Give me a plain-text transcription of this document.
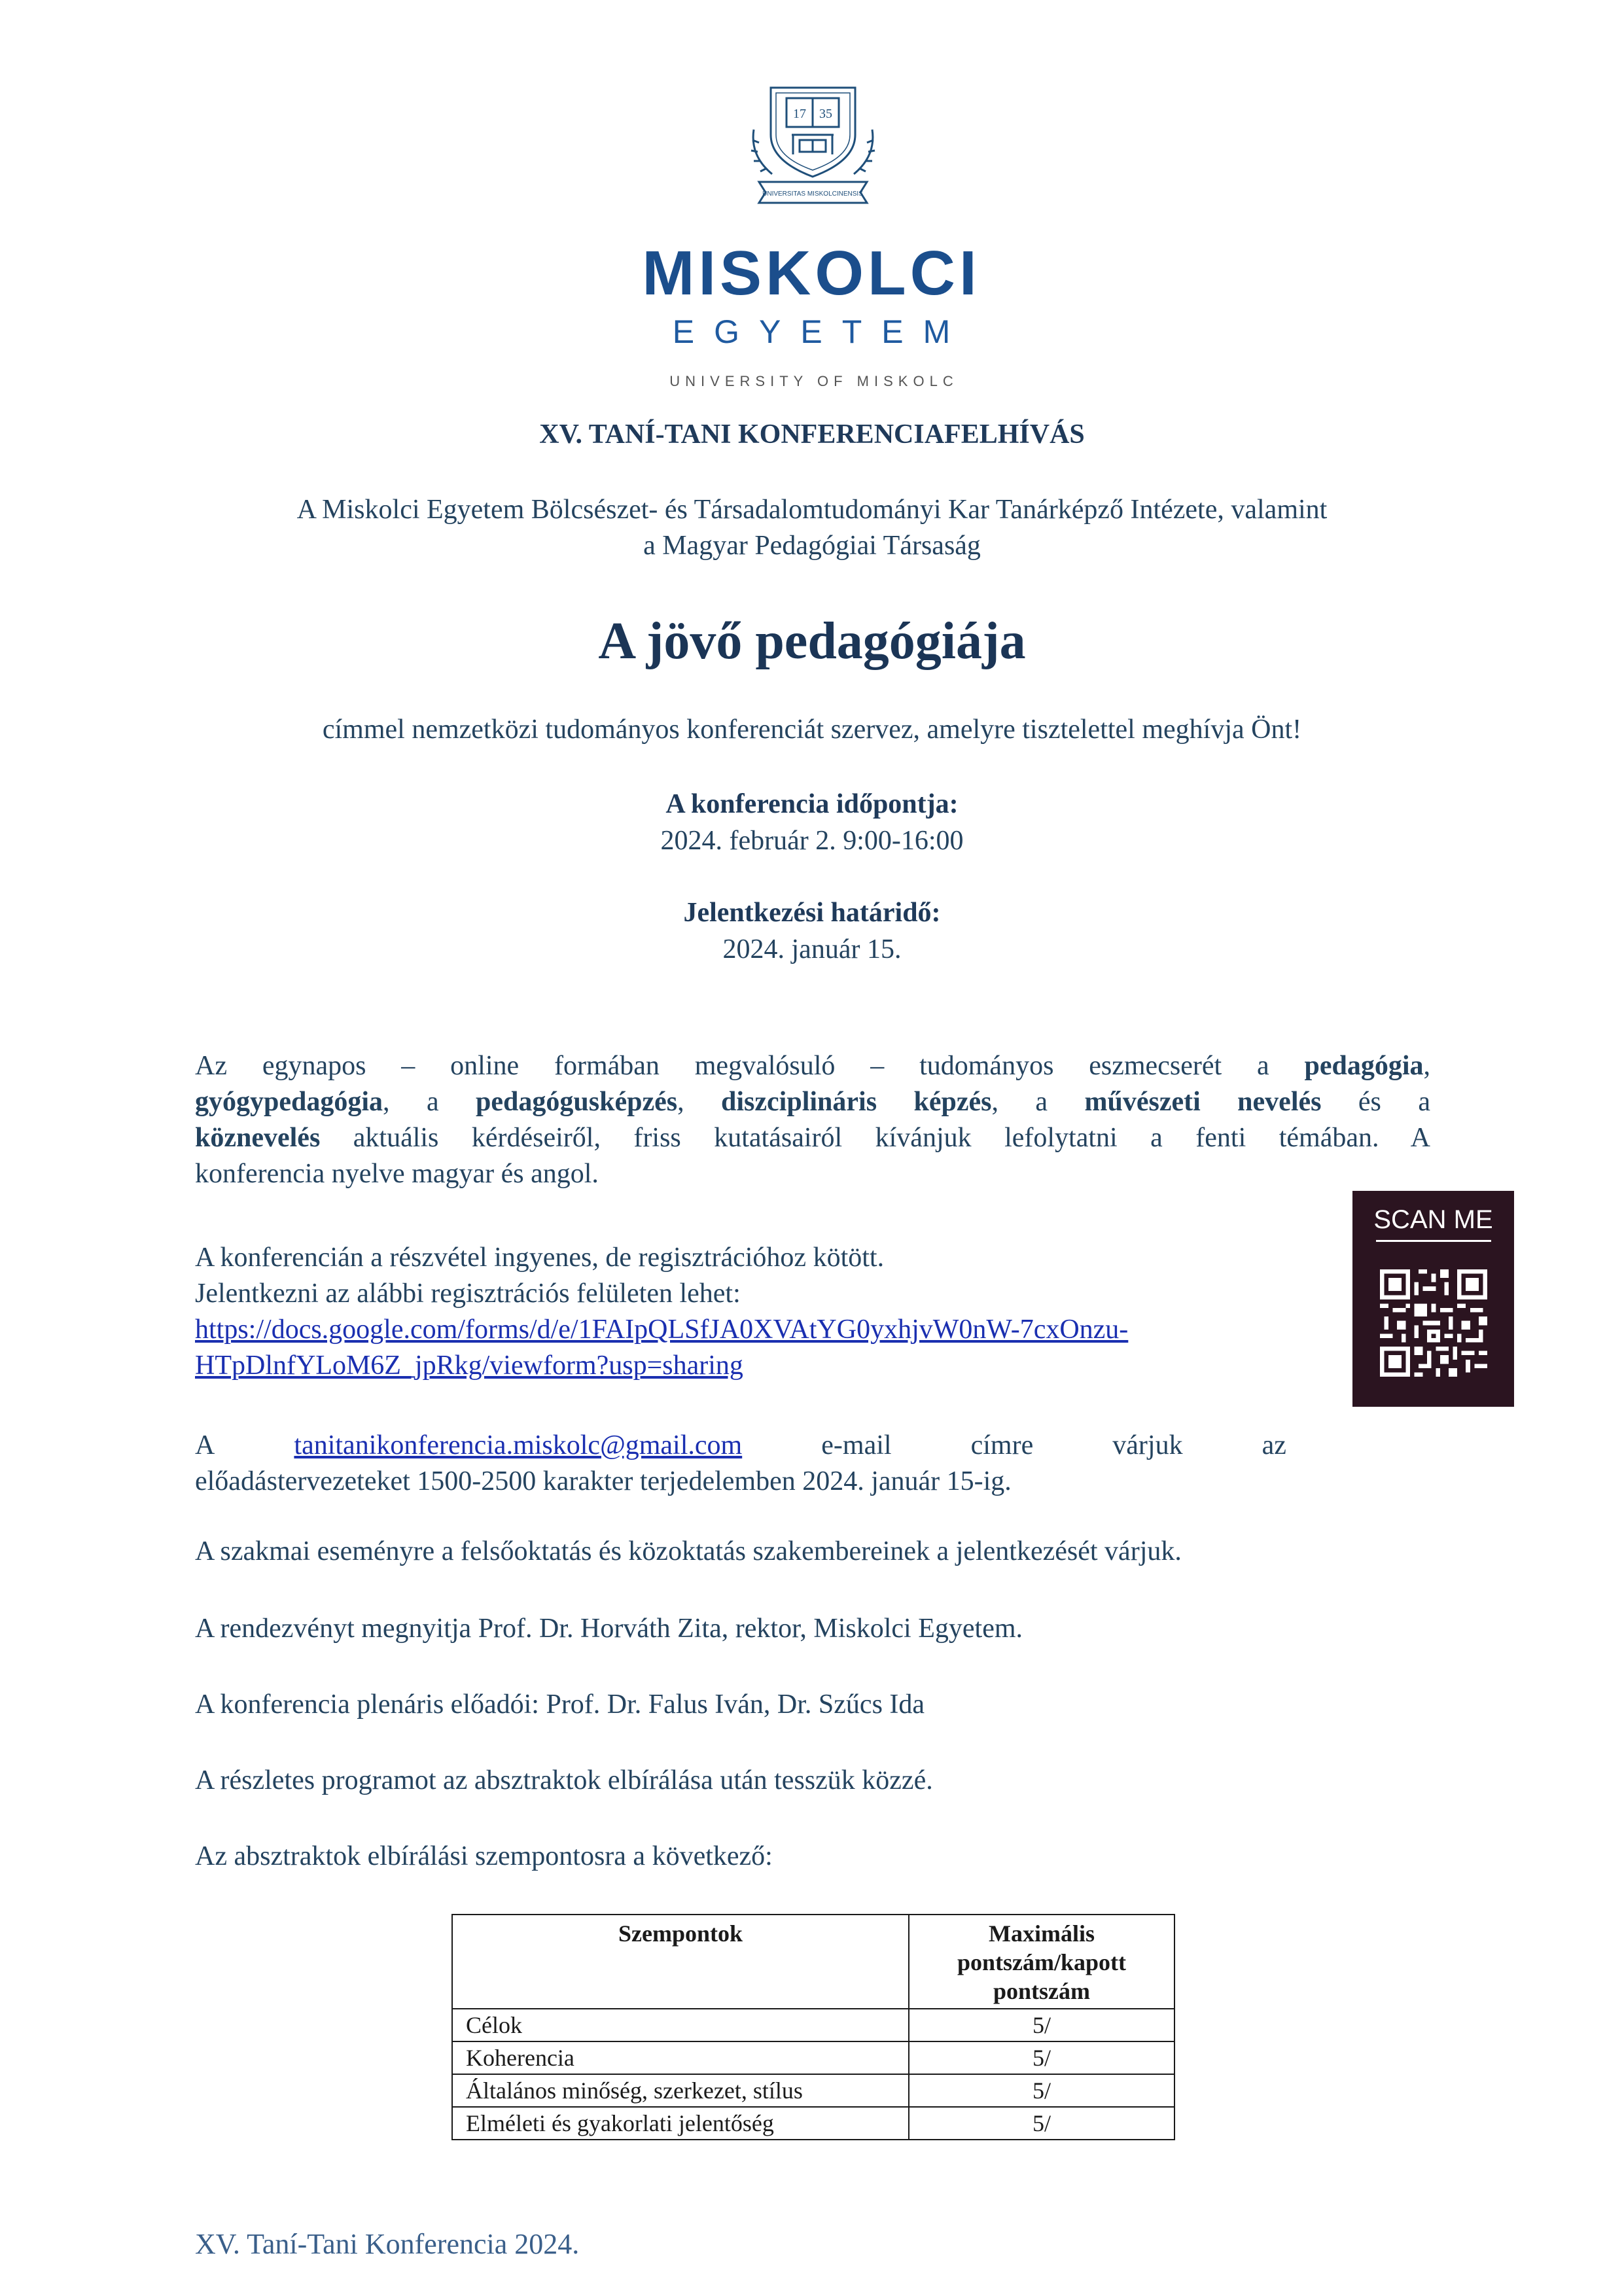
17 35
UNIVERSITAS MISKOLCINENSIS
MISKOLCI
EGYETEM
UNIVERSITY OF MISKOLC
XV. TANÍ-TANI KONFERENCIAFELHÍVÁS
A Miskolci Egyetem Bölcsészet- és Társadalomtudományi Kar Tanárképző Intézete, valamint
a Magyar Pedagógiai Társaság
A jövő pedagógiája
címmel nemzetközi tudományos konferenciát szervez, amelyre tisztelettel meghívja Önt!
A konferencia időpontja:
2024. február 2. 9:00-16:00
Jelentkezési határidő:
2024. január 15.
Az egynapos – online formában megvalósuló – tudományos eszmecserét a pedagógia,
gyógypedagógia, a pedagógusképzés, diszciplináris képzés, a művészeti nevelés és a
köznevelés aktuális kérdéseiről, friss kutatásairól kívánjuk lefolytatni a fenti témában. A
konferencia nyelve magyar és angol.
A konferencián a részvétel ingyenes, de regisztrációhoz kötött.
Jelentkezni az alábbi regisztrációs felületen lehet:
https://docs.google.com/forms/d/e/1FAIpQLSfJA0XVAtYG0yxhjvW0nW-7cxOnzu-
HTpDlnfYLoM6Z_jpRkg/viewform?usp=sharing
SCAN ME
A	tanitanikonferencia.miskolc@gmail.com	e-mail	címre	várjuk	az
előadástervezeteket 1500-2500 karakter terjedelemben 2024. január 15-ig.
A szakmai eseményre a felsőoktatás és közoktatás szakembereinek a jelentkezését várjuk.
A rendezvényt megnyitja Prof. Dr. Horváth Zita, rektor, Miskolci Egyetem.
A konferencia plenáris előadói: Prof. Dr. Falus Iván, Dr. Szűcs Ida
A részletes programot az absztraktok elbírálása után tesszük közzé.
Az absztraktok elbírálási szempontosra a következő:
Szempontok	Maximális
pontszám/kapott
pontszám

Célok	5/
Koherencia	5/
Általános minőség, szerkezet, stílus	5/
Elméleti és gyakorlati jelentőség	5/
XV. Taní-Tani Konferencia 2024.
